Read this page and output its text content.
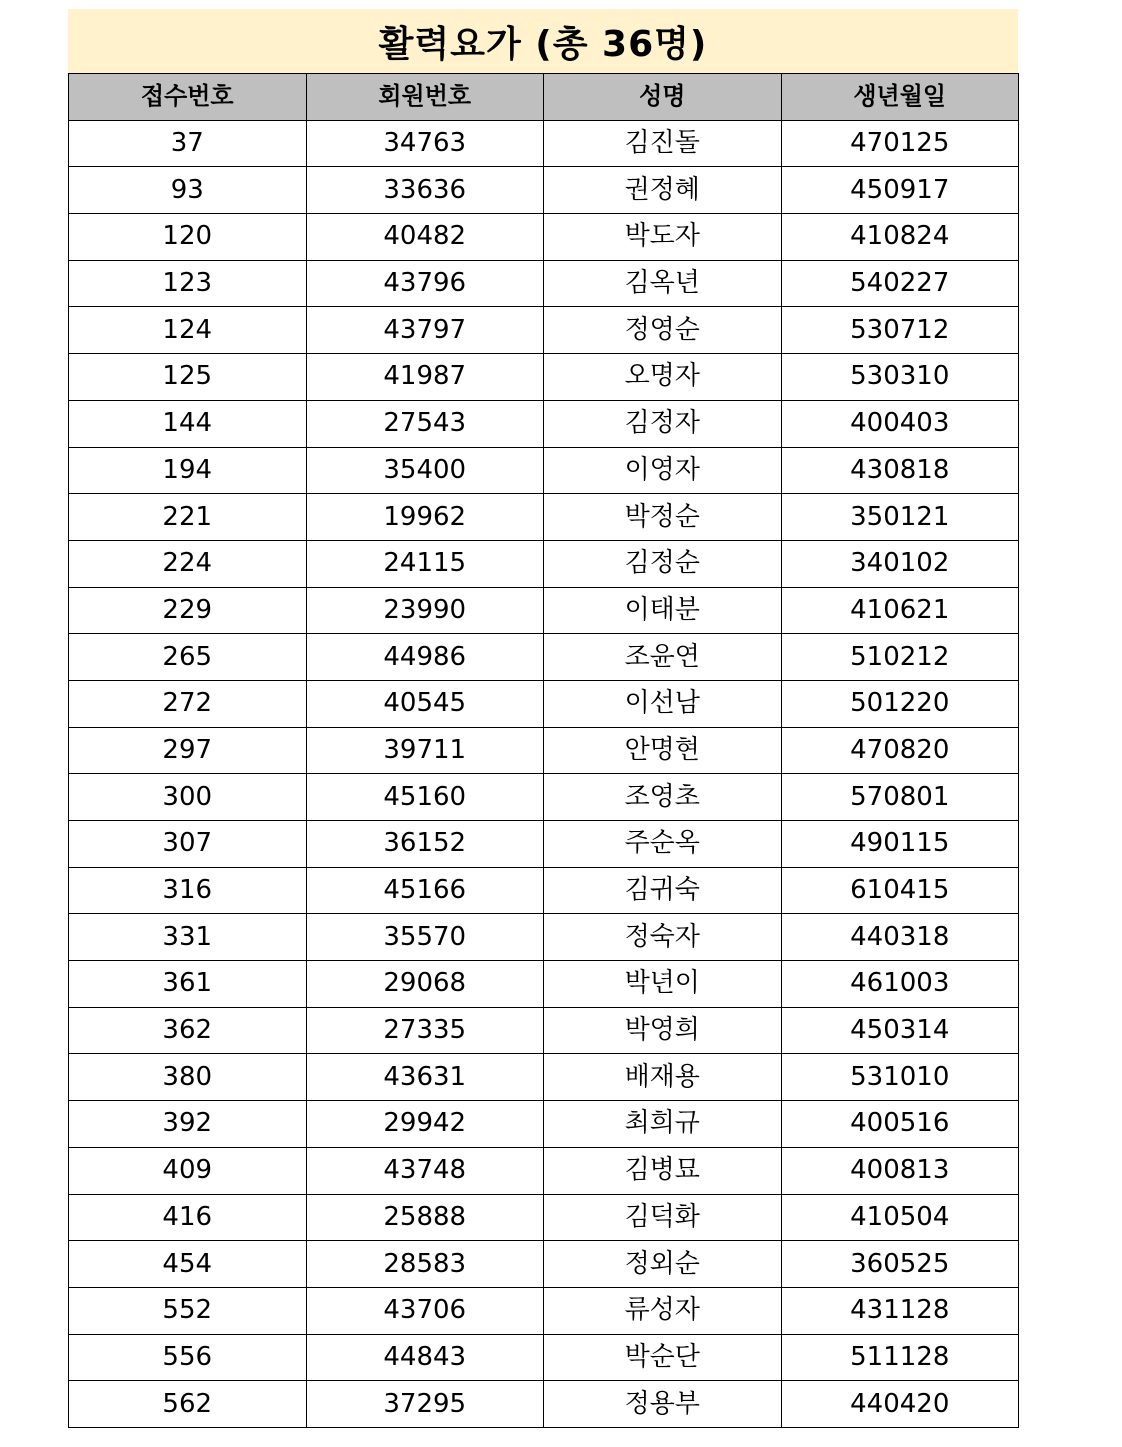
활력요가 (총 36명)
접수번호	회원번호	성명	생년월일
37	34763	김진돌	470125
93	33636	권정혜	450917
120	40482	박도자	410824
123	43796	김옥년	540227
124	43797	정영순	530712
125	41987	오명자	530310
144	27543	김정자	400403
194	35400	이영자	430818
221	19962	박정순	350121
224	24115	김정순	340102
229	23990	이태분	410621
265	44986	조윤연	510212
272	40545	이선남	501220
297	39711	안명현	470820
300	45160	조영초	570801
307	36152	주순옥	490115
316	45166	김귀숙	610415
331	35570	정숙자	440318
361	29068	박년이	461003
362	27335	박영희	450314
380	43631	배재용	531010
392	29942	최희규	400516
409	43748	김병묘	400813
416	25888	김덕화	410504
454	28583	정외순	360525
552	43706	류성자	431128
556	44843	박순단	511128
562	37295	정용부	440420
